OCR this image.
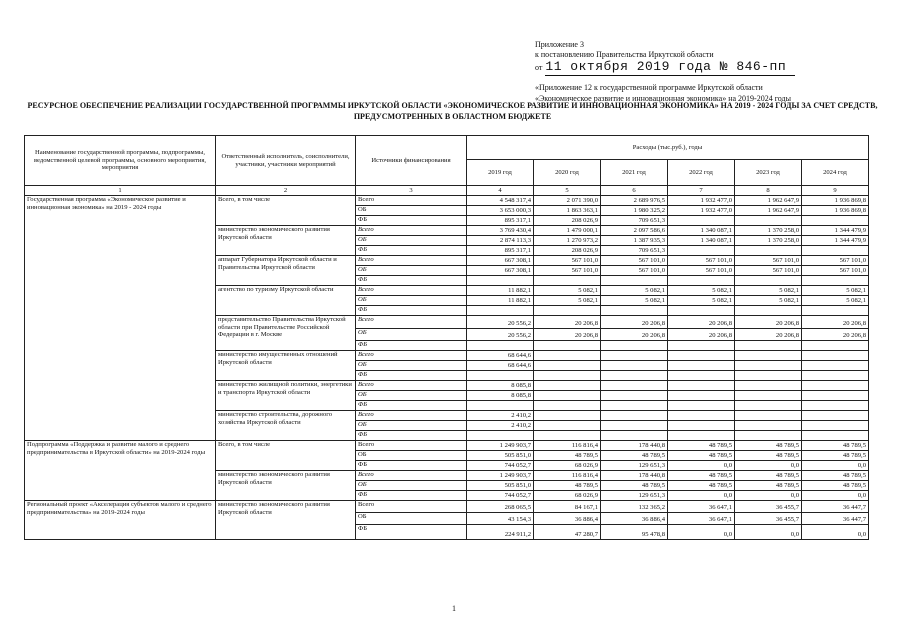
Приложение 3
к постановлению Правительства Иркутской области
от 11 октября 2019 года № 846-пп
«Приложение 12 к государственной программе Иркутской области
«Экономическое развитие и инновационная экономика» на 2019-2024 годы
РЕСУРСНОЕ ОБЕСПЕЧЕНИЕ РЕАЛИЗАЦИИ ГОСУДАРСТВЕННОЙ ПРОГРАММЫ ИРКУТСКОЙ ОБЛАСТИ «ЭКОНОМИЧЕСКОЕ РАЗВИТИЕ И ИННОВАЦИОННАЯ ЭКОНОМИКА» НА 2019 - 2024 ГОДЫ ЗА СЧЕТ СРЕДСТВ, ПРЕДУСМОТРЕННЫХ В ОБЛАСТНОМ БЮДЖЕТЕ
Наименование государственной программы, подпрограммы, ведомственной целевой программы, основного мероприятия, мероприятия	Ответственный исполнитель, соисполнители, участники, участники мероприятий	Источники финансирования	Расходы (тыс.руб.), годы					
			2019 год	2020 год	2021 год	2022 год	2023 год	2024 год
1	2	3	4	5	6	7	8	9
Государственная программа «Экономическое развитие и инновационная экономика» на 2019 - 2024 годы	Всего, в том числе	Всего	4 548 317,4	2 071 390,0	2 689 976,5	1 932 477,0	1 962 647,9	1 936 869,8
		ОБ	3 653 000,3	1 863 363,1	1 980 325,2	1 932 477,0	1 962 647,9	1 936 869,8
		ФБ	895 317,1	208 026,9	709 651,3			
	министерство экономического развития Иркутской области	Всего	3 769 430,4	1 479 000,1	2 097 586,6	1 340 087,1	1 370 258,0	1 344 479,9
		ОБ	2 874 113,3	1 270 973,2	1 387 935,3	1 340 087,1	1 370 258,0	1 344 479,9
		ФБ	895 317,1	208 026,9	709 651,3			
	аппарат Губернатора Иркутской области и Правительства Иркутской области	Всего	667 308,1	567 101,0	567 101,0	567 101,0	567 101,0	567 101,0
		ОБ	667 308,1	567 101,0	567 101,0	567 101,0	567 101,0	567 101,0
		ФБ						
	агентство по туризму Иркутской области	Всего	11 882,1	5 082,1	5 082,1	5 082,1	5 082,1	5 082,1
		ОБ	11 882,1	5 082,1	5 082,1	5 082,1	5 082,1	5 082,1
		ФБ						
	представительство Правительства Иркутской области при Правительстве Российской Федерации в г. Москве	Всего	20 556,2	20 206,8	20 206,8	20 206,8	20 206,8	20 206,8
		ОБ	20 556,2	20 206,8	20 206,8	20 206,8	20 206,8	20 206,8
		ФБ						
	министерство имущественных отношений Иркутской области	Всего	68 644,6					
		ОБ	68 644,6					
		ФБ						
	министерство жилищной политики, энергетики и транспорта Иркутской области	Всего	8 085,8					
		ОБ	8 085,8					
		ФБ						
	министерство строительства, дорожного хозяйства Иркутской области	Всего	2 410,2					
		ОБ	2 410,2					
		ФБ						
Подпрограмма «Поддержка и развитие малого и среднего предпринимательства в Иркутской области» на 2019-2024 годы	Всего, в том числе	Всего	1 249 903,7	116 816,4	178 440,8	48 789,5	48 789,5	48 789,5
		ОБ	505 851,0	48 789,5	48 789,5	48 789,5	48 789,5	48 789,5
		ФБ	744 052,7	68 026,9	129 651,3	0,0	0,0	0,0
	министерство экономического развития Иркутской области	Всего	1 249 903,7	116 816,4	178 440,8	48 789,5	48 789,5	48 789,5
		ОБ	505 851,0	48 789,5	48 789,5	48 789,5	48 789,5	48 789,5
		ФБ	744 052,7	68 026,9	129 651,3	0,0	0,0	0,0
Региональный проект «Акселерация субъектов малого и среднего предпринимательства» на 2019-2024 годы	министерство экономического развития Иркутской области	Всего	268 065,5	84 167,1	132 365,2	36 647,1	36 455,7	36 447,7
		ОБ	43 154,3	36 886,4	36 886,4	36 647,1	36 455,7	36 447,7
		ФБ	224 911,2	47 280,7	95 478,8	0,0	0,0	0,0
1
